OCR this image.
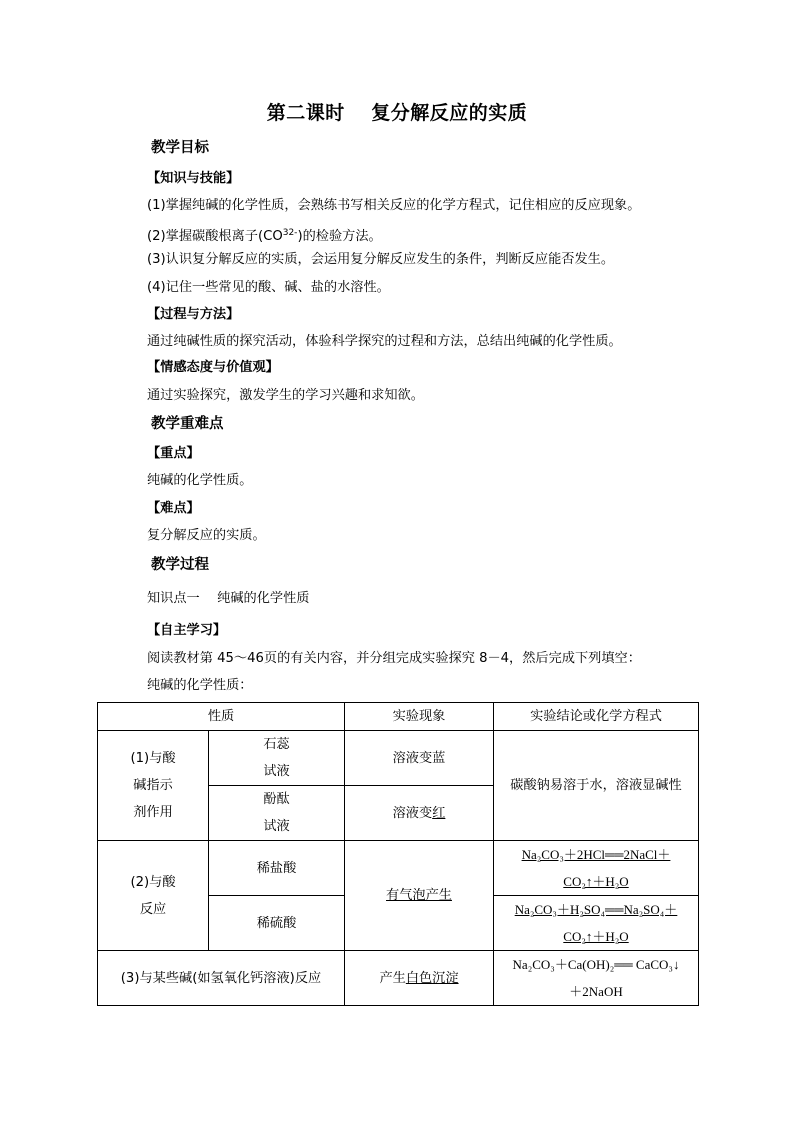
第二课时　 复分解反应的实质
教学目标
【知识与技能】
(1)掌握纯碱的化学性质，会熟练书写相关反应的化学方程式，记住相应的反应现象。
(2)掌握碳酸根离子$(CO^{32-})$的检验方法。
(3)认识复分解反应的实质，会运用复分解反应发生的条件，判断反应能否发生。
(4)记住一些常见的酸、碱、盐的水溶性。
【过程与方法】
通过纯碱性质的探究活动，体验科学探究的过程和方法，总结出纯碱的化学性质。
【情感态度与价值观】
通过实验探究，激发学生的学习兴趣和求知欲。
教学重难点
【重点】
纯碱的化学性质。
【难点】
复分解反应的实质。
教学过程
知识点一　 纯碱的化学性质
【自主学习】
阅读教材第 45～46页的有关内容，并分组完成实验探究 8－4，然后完成下列填空：
纯碱的化学性质：
性质		实验现象	实验结论或化学方程式
(1)与酸
碱指示
剂作用	石蕊
试液	溶液变蓝	碳酸钠易溶于水，溶液显碱性
	酚酞
试液	溶液变红	
(2)与酸
反应	稀盐酸	有气泡产生	Na₂CO₃＋2HCl══2NaCl＋
CO₂↑＋H₂O
	稀硫酸		Na₂CO₃＋H₂SO₄══Na₂SO₄＋
CO₂↑＋H₂O
(3)与某些碱(如氢氧化钙溶液)反应		产生白色沉淀	Na₂CO₃＋Ca(OH)₂══ CaCO₃↓
＋2NaOH
